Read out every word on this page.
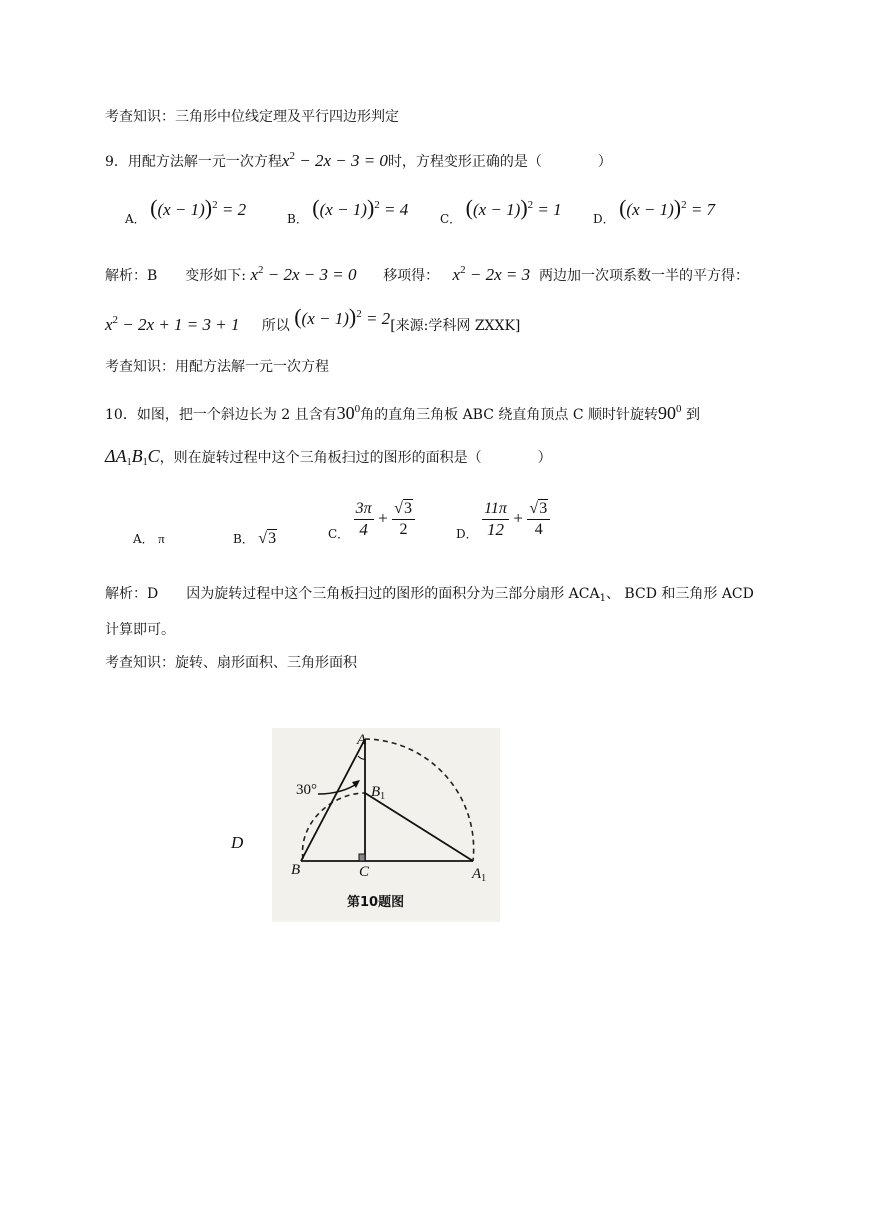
考查知识：三角形中位线定理及平行四边形判定
9．用配方法解一元一次方程$x^2 - 2x - 3 = 0$时，方程变形正确的是（　　　　）
A． $((x - 1))^2 = 2$	B． $((x - 1))^2 = 4$	C． $((x - 1))^2 = 1$	D． $((x - 1))^2 = 7$
解析：B　　变形如下: $x^2 - 2x - 3 = 0$ 移项得： $x^2 - 2x = 3$ 两边加一次项系数一半的平方得：
$x^2 - 2x + 1 = 3 + 1$ 所以 $((x - 1))^2 = 2$[来源:学科网 ZXXK]
考查知识：用配方法解一元一次方程
10．如图，把一个斜边长为 2 且含有$30^0$角的直角三角板 ABC 绕直角顶点 C 顺时针旋转$90^0$ 到
$\Delta A_1B_1C$，则在旋转过程中这个三角板扫过的图形的面积是（　　　　）
A． π	B． √3	C． $\frac{3\pi}{4} + \frac{√3}{2}$	D． $\frac{11\pi}{12} + \frac{√3}{4}$
解析：D　　因为旋转过程中这个三角板扫过的图形的面积分为三部分扇形 $ACA_1$、 BCD 和三角形 ACD
计算即可。
考查知识：旋转、扇形面积、三角形面积
D
A
30°	$B_1$
B	C	$A_1$
第10题图
